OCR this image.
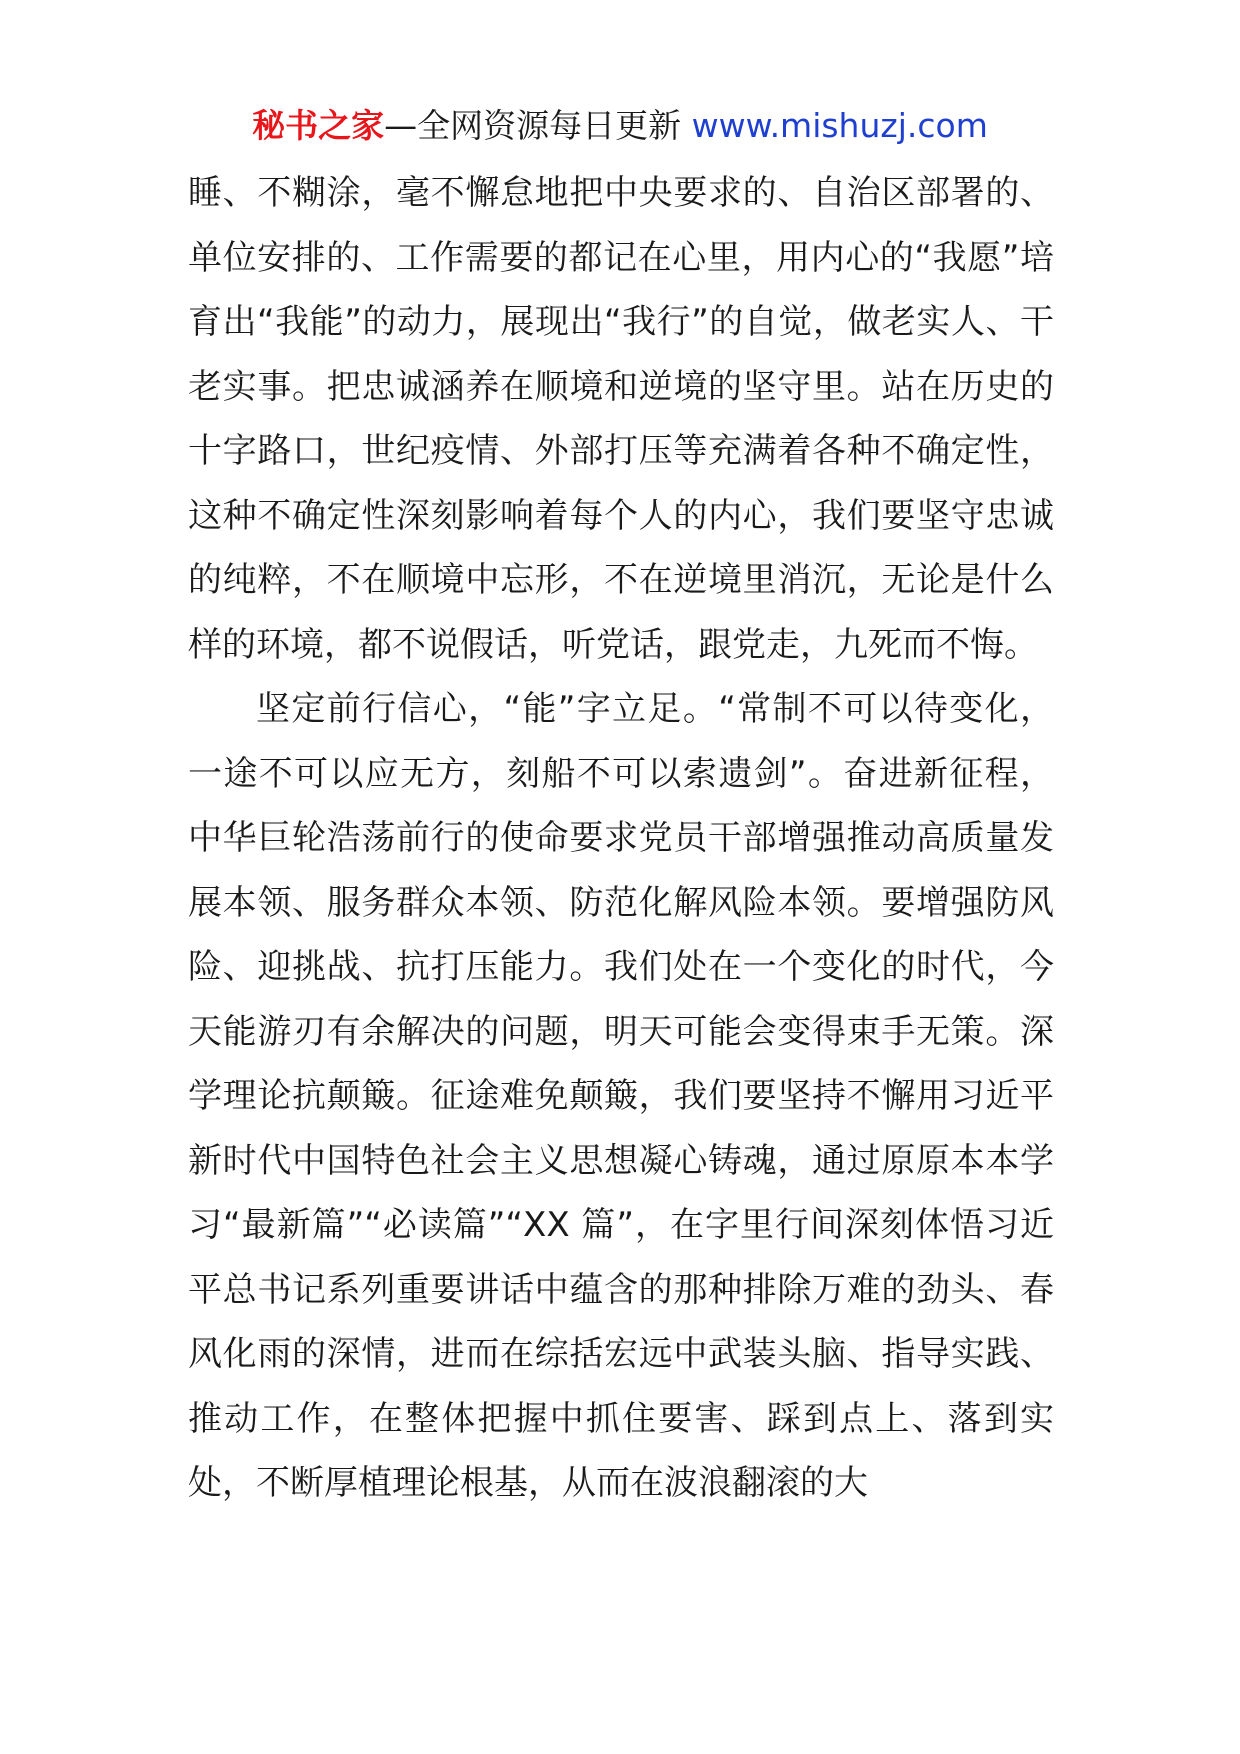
秘书之家—全网资源每日更新 www.mishuzj.com

睡、不糊涂，毫不懈怠地把中央要求的、自治区部署的、单位安排的、工作需要的都记在心里，用内心的“我愿”培育出“我能”的动力，展现出“我行”的自觉，做老实人、干老实事。把忠诚涵养在顺境和逆境的坚守里。站在历史的十字路口，世纪疫情、外部打压等充满着各种不确定性，这种不确定性深刻影响着每个人的内心，我们要坚守忠诚的纯粹，不在顺境中忘形，不在逆境里消沉，无论是什么样的环境，都不说假话，听党话，跟党走，九死而不悔。

坚定前行信心，“能”字立足。“常制不可以待变化，一途不可以应无方，刻船不可以索遗剑”。奋进新征程，中华巨轮浩荡前行的使命要求党员干部增强推动高质量发展本领、服务群众本领、防范化解风险本领。要增强防风险、迎挑战、抗打压能力。我们处在一个变化的时代，今天能游刃有余解决的问题，明天可能会变得束手无策。深学理论抗颠簸。征途难免颠簸，我们要坚持不懈用习近平新时代中国特色社会主义思想凝心铸魂，通过原原本本学习“最新篇”“必读篇”“XX 篇”，在字里行间深刻体悟习近平总书记系列重要讲话中蕴含的那种排除万难的劲头、春风化雨的深情，进而在综括宏远中武装头脑、指导实践、推动工作，在整体把握中抓住要害、踩到点上、落到实处，不断厚植理论根基，从而在波浪翻滚的大
